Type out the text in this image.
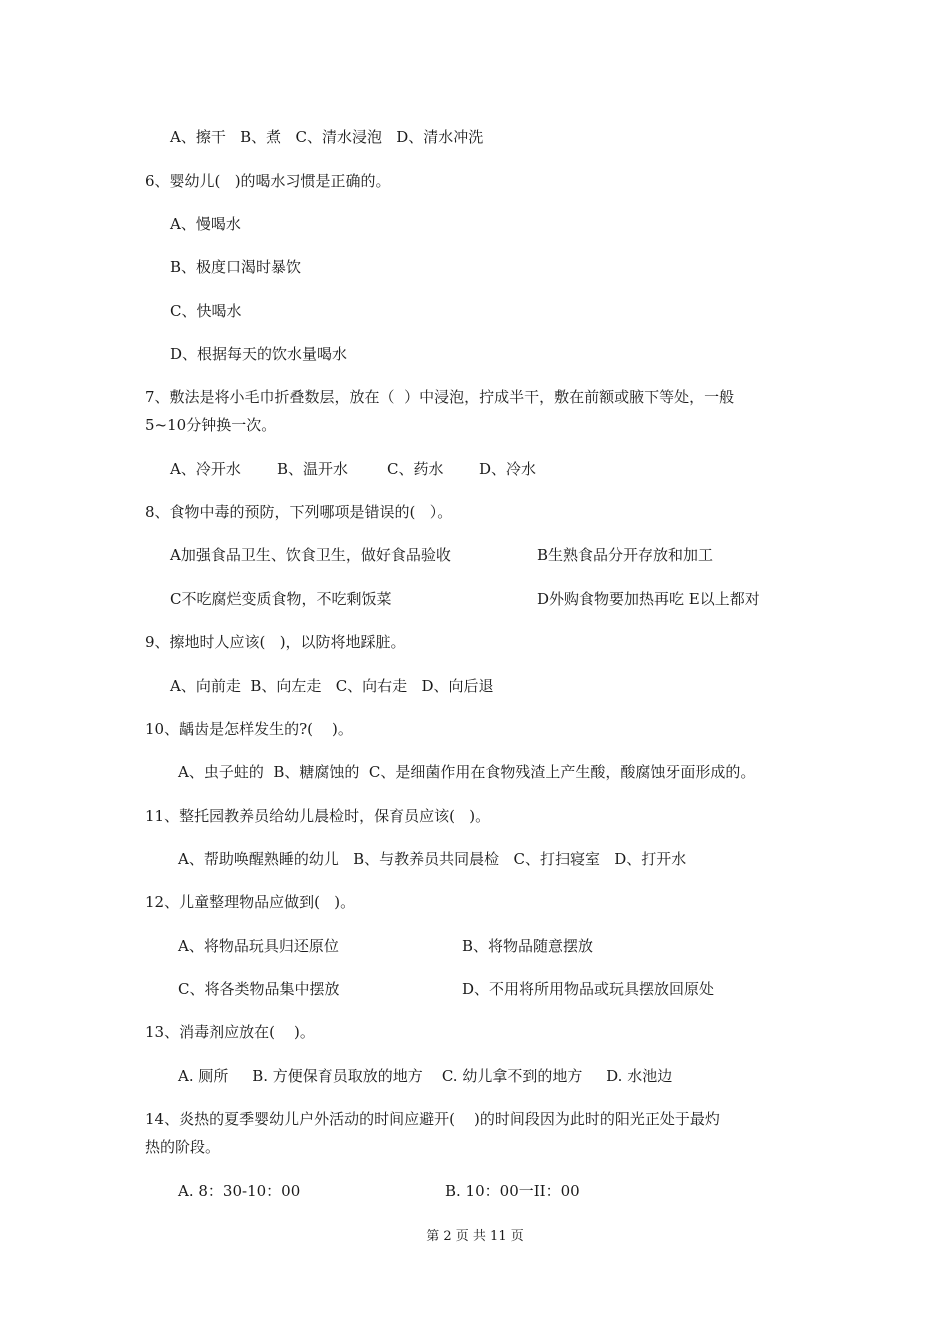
A、擦干   B、煮   C、清水浸泡   D、清水冲洗
6、婴幼儿(   )的喝水习惯是正确的。
A、慢喝水
B、极度口渴时暴饮
C、快喝水
D、根据每天的饮水量喝水
7、敷法是将小毛巾折叠数层，放在（  ）中浸泡，拧成半干，敷在前额或腋下等处，一般
5~10分钟换一次。
A、冷开水 B、温开水	C、药水 D、冷水
8、食物中毒的预防，下列哪项是错误的(   ）。
A加强食品卫生、饮食卫生，做好食品验收	B生熟食品分开存放和加工
C不吃腐烂变质食物，不吃剩饭菜	D外购食物要加热再吃 E以上都对
9、擦地时人应该(   )，以防将地踩脏。
A、向前走  B、向左走   C、向右走   D、向后退
10、龋齿是怎样发生的?(    )。
A、虫子蛀的  B、糖腐蚀的  C、是细菌作用在食物残渣上产生酸，酸腐蚀牙面形成的。
11、整托园教养员给幼儿晨检时，保育员应该(   )。
A、帮助唤醒熟睡的幼儿   B、与教养员共同晨检   C、打扫寝室   D、打开水
12、儿童整理物品应做到(   )。
A、将物品玩具归还原位	B、将物品随意摆放
C、将各类物品集中摆放	D、不用将所用物品或玩具摆放回原处
13、消毒剂应放在(    )。
A. 厕所     B. 方便保育员取放的地方    C. 幼儿拿不到的地方     D. 水池边
14、炎热的夏季婴幼儿户外活动的时间应避开(    )的时间段因为此时的阳光正处于最灼
热的阶段。
A. 8：30-10：00	B. 10：00一II：00
第 2 页 共 11 页
